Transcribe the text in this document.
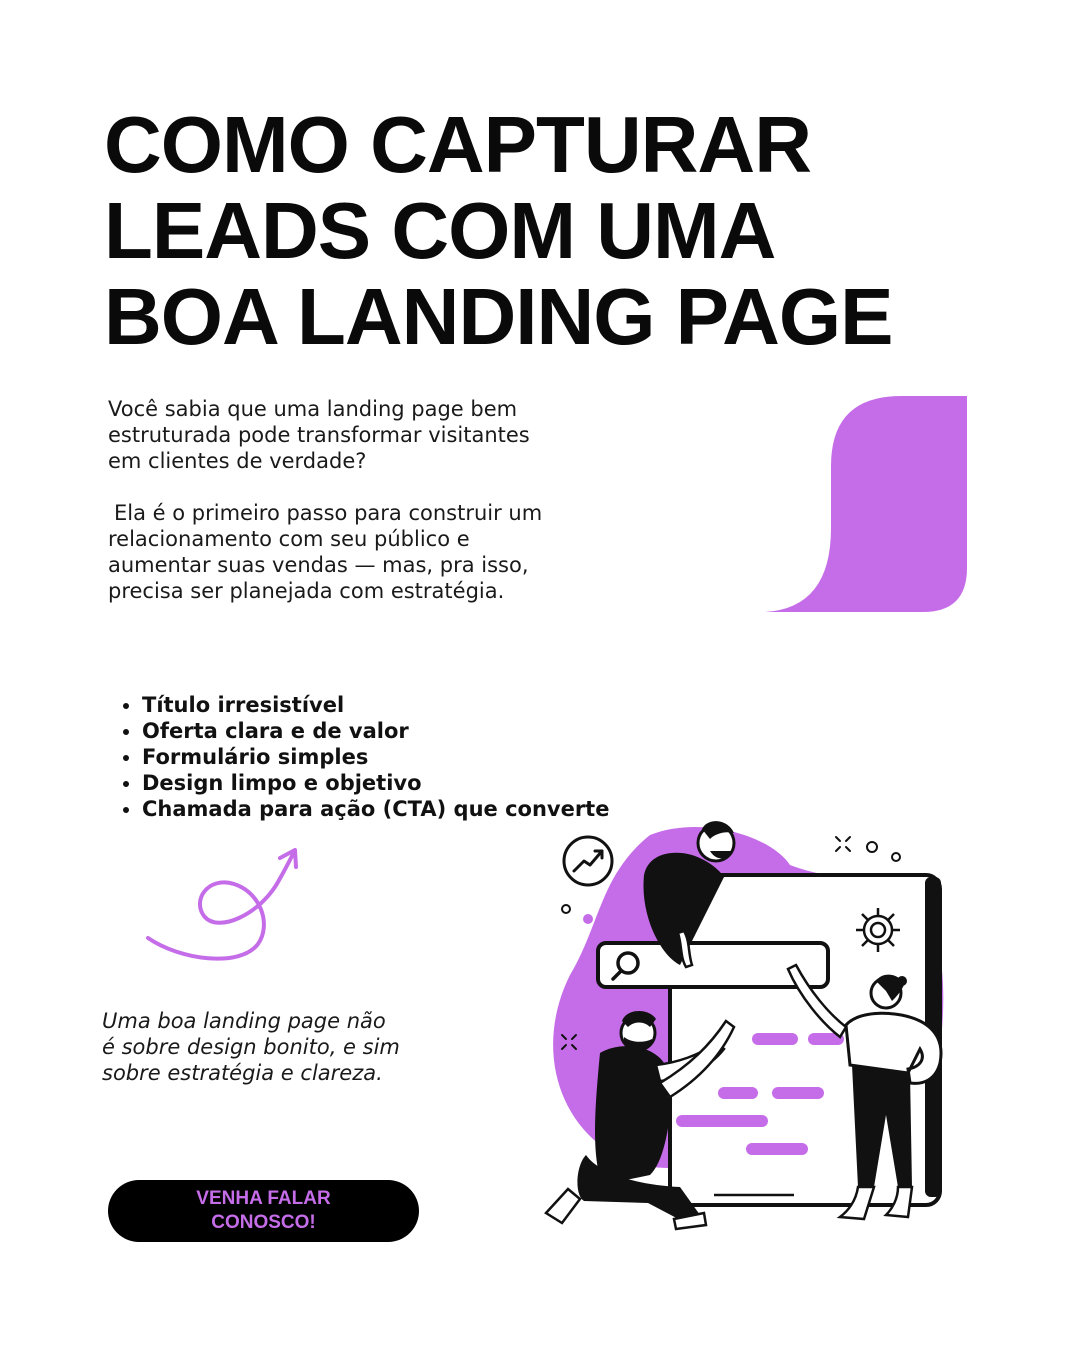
COMO CAPTURAR
LEADS COM UMA
BOA LANDING PAGE

Você sabia que uma landing page bem estruturada pode transformar visitantes em clientes de verdade?

Ela é o primeiro passo para construir um relacionamento com seu público e aumentar suas vendas — mas, pra isso, precisa ser planejada com estratégia.

• Título irresistível
• Oferta clara e de valor
• Formulário simples
• Design limpo e objetivo
• Chamada para ação (CTA) que converte
Uma boa landing page não
é sobre design bonito, e sim
sobre estratégia e clareza.
VENHA FALAR
CONOSCO!
